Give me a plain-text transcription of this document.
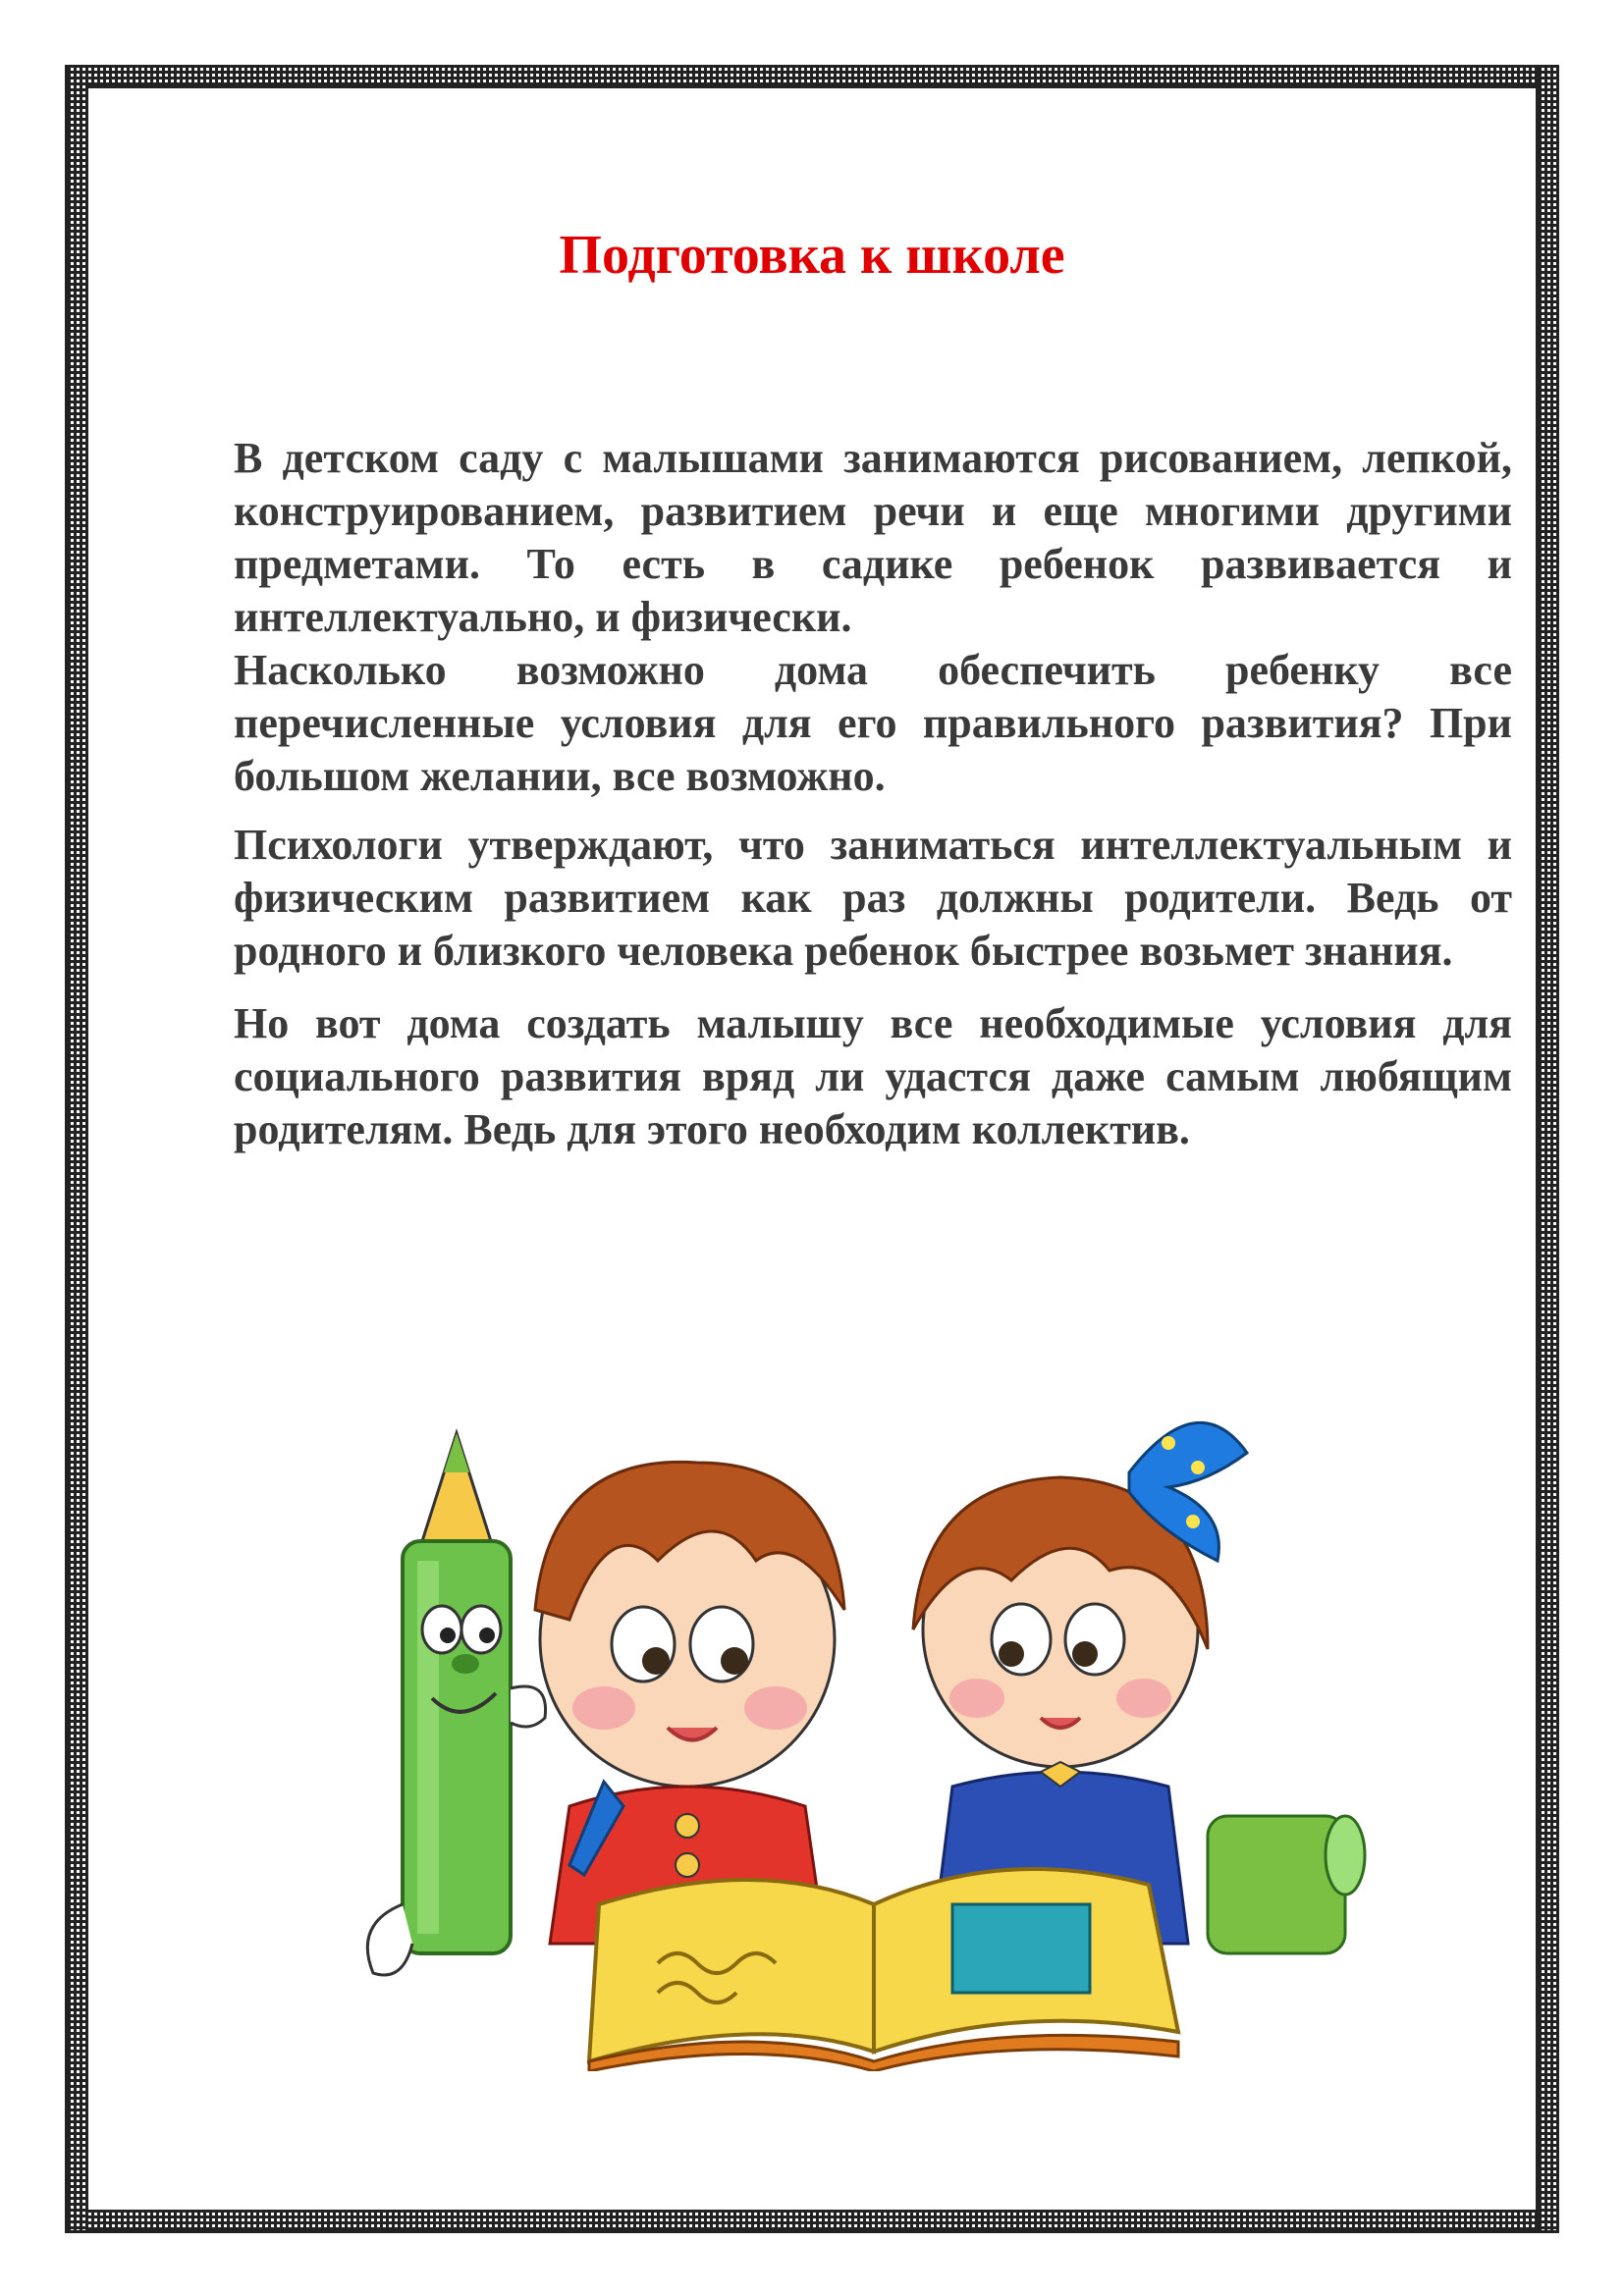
Подготовка к школе

В детском саду с малышами занимаются рисованием, лепкой, конструированием, развитием речи и еще многими другими предметами. То есть в садике ребенок развивается и интеллектуально, и физически.

Насколько возможно дома обеспечить ребенку все перечисленные условия для его правильного развития? При большом желании, все возможно.

Психологи утверждают, что заниматься интеллектуальным и физическим развитием как раз должны родители. Ведь от родного и близкого человека ребенок быстрее возьмет знания.

Но вот дома создать малышу все необходимые условия для социального развития вряд ли удастся даже самым любящим родителям. Ведь для этого необходим коллектив.
